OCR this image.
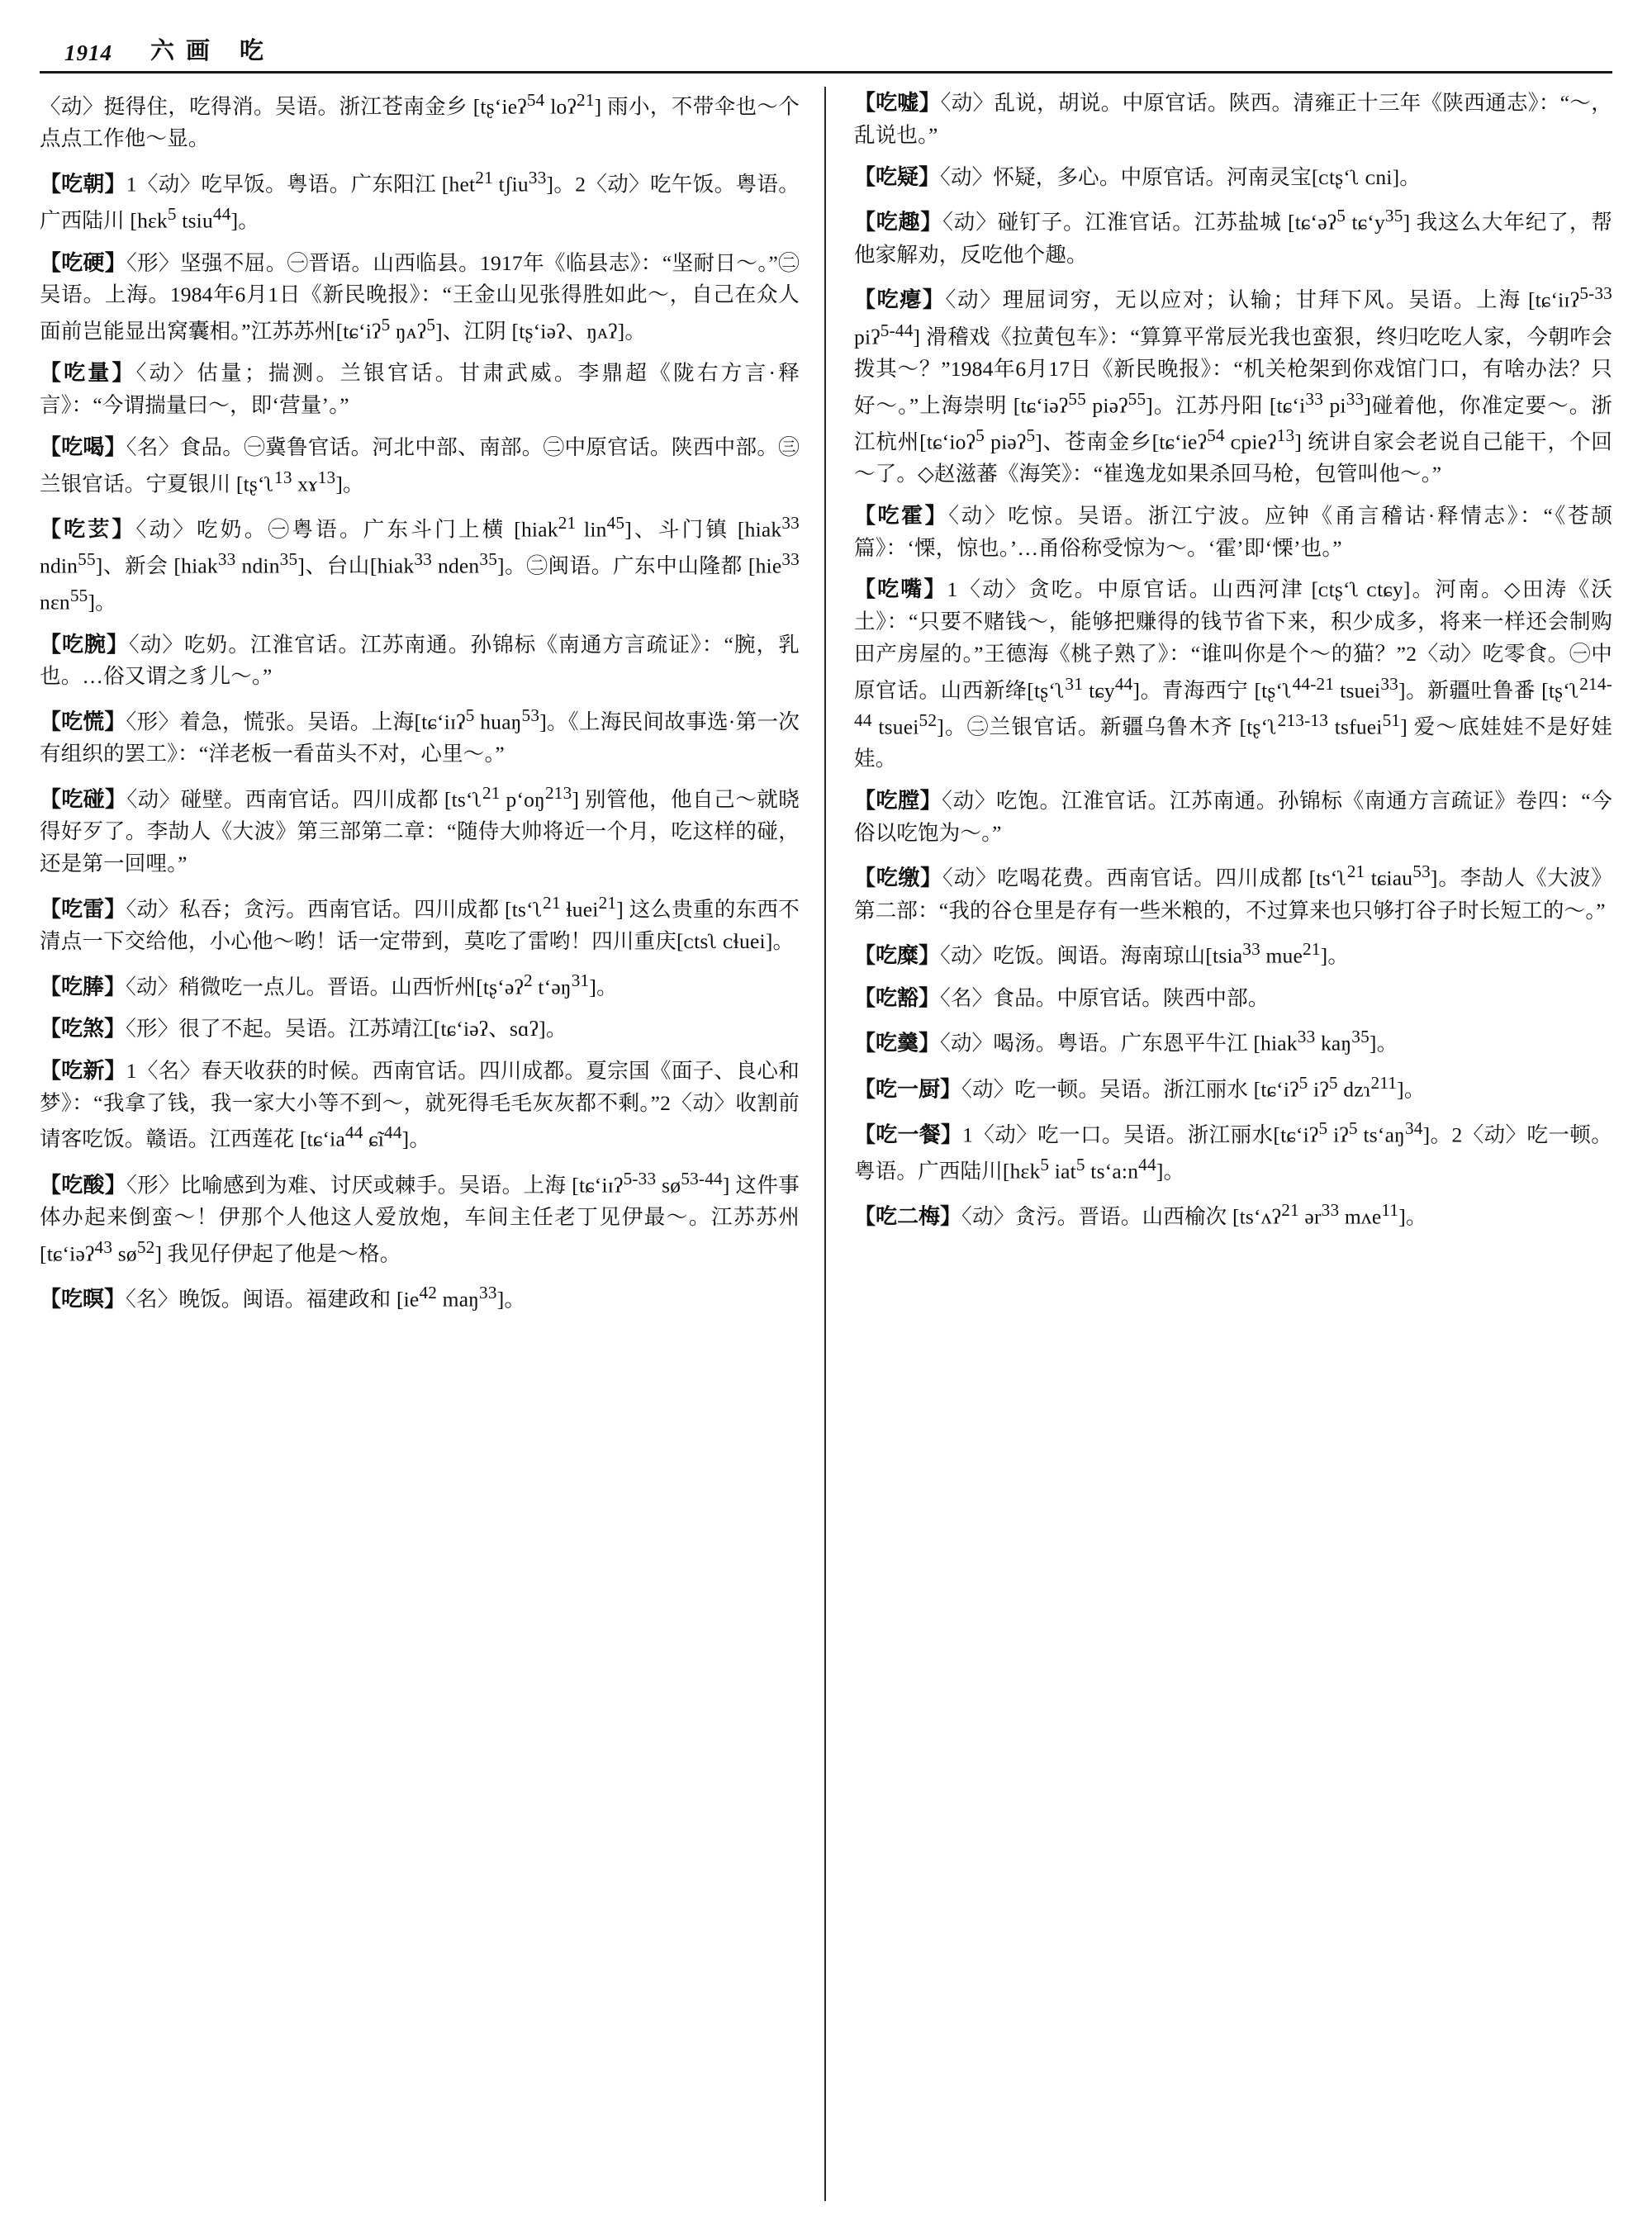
1914 六画 吃

〈动〉挺得住，吃得消。吴语。浙江苍南金乡 [tʂʻieʔ$^{54}$ loʔ$^{21}$] 雨小，不带伞也～个点点工作他～显。

【吃朝】1〈动〉吃早饭。粤语。广东阳江 [het$^{21}$ tʃiu$^{33}$]。2〈动〉吃午饭。粤语。广西陆川 [hɛk$^5$ tsiu$^{44}$]。

【吃硬】〈形〉坚强不屈。㊀晋语。山西临县。1917年《临县志》：“坚耐日～。”㊁吴语。上海。1984年6月1日《新民晚报》：“王金山见张得胜如此～，自己在众人面前岂能显出窝囊相。”江苏苏州[tɕʻiʔ$^5$ ŋᴀʔ$^5$]、江阴 [tʂʻiəʔ、ŋᴀʔ]。

【吃量】〈动〉估量；揣测。兰银官话。甘肃武威。李鼎超《陇右方言·释言》：“今谓揣量曰～，即‘营量’。”

【吃喝】〈名〉食品。㊀冀鲁官话。河北中部、南部。㊁中原官话。陕西中部。㊂兰银官话。宁夏银川 [tʂʻʅ$^{13}$ xɤ$^{13}$]。

【吃𦬜】〈动〉吃奶。㊀粤语。广东斗门上横 [hiak$^{21}$ lin$^{45}$]、斗门镇 [hiak$^{33}$ ndin$^{55}$]、新会 [hiak$^{33}$ ndin$^{35}$]、台山[hiak$^{33}$ nden$^{35}$]。㊁闽语。广东中山隆都 [hie$^{33}$ nɛn$^{55}$]。

【吃腕】〈动〉吃奶。江淮官话。江苏南通。孙锦标《南通方言疏证》：“腕，乳也。…俗又谓之豸儿～。”

【吃慌】〈形〉着急，慌张。吴语。上海[tɕʻiɪʔ$^5$ huaŋ$^{53}$]。《上海民间故事选·第一次有组织的罢工》：“洋老板一看苗头不对，心里～。”

【吃碰】〈动〉碰壁。西南官话。四川成都 [tsʻʅ$^{21}$ pʻoŋ$^{213}$] 别管他，他自己～就晓得好歹了。李劼人《大波》第三部第二章：“随侍大帅将近一个月，吃这样的碰，还是第一回哩。”

【吃雷】〈动〉私吞；贪污。西南官话。四川成都 [tsʻʅ$^{21}$ ɬuei$^{21}$] 这么贵重的东西不清点一下交给他，小心他～哟！话一定带到，莫吃了雷哟！四川重庆[ᴄtsʅ ᴄɬuei]。

【吃䏾】〈动〉稍微吃一点儿。晋语。山西忻州[tʂʻəʔ$^2$ tʻəŋ$^{31}$]。

【吃煞】〈形〉很了不起。吴语。江苏靖江[tɕʻiəʔ、sɑʔ]。

【吃新】1〈名〉春天收获的时候。西南官话。四川成都。夏宗国《面子、良心和梦》：“我拿了钱，我一家大小等不到～，就死得毛毛灰灰都不剩。”2〈动〉收割前请客吃饭。赣语。江西莲花 [tɕʻia$^{44}$ ɕĩ$^{44}$]。

【吃酸】〈形〉比喻感到为难、讨厌或棘手。吴语。上海 [tɕʻiɪʔ$^{5-33}$ $sø^{53-44}$] 这件事体办起来倒蛮～！伊那个人他这人爱放炮，车间主任老丁见伊最～。江苏苏州 [tɕʻiəʔ$^{43}$ $sø^{52}$] 我见仔伊起了他是～格。

【吃暝】〈名〉晚饭。闽语。福建政和 [$ie^{42}$ maŋ$^{33}$]。

【吃嘘】〈动〉乱说，胡说。中原官话。陕西。清雍正十三年《陕西通志》：“～，乱说也。”

【吃疑】〈动〉怀疑，多心。中原官话。河南灵宝[ᴄtʂʻʅ ᴄni]。

【吃趣】〈动〉碰钉子。江淮官话。江苏盐城 [tɕʻəʔ$^5$ tɕʻy$^{35}$] 我这么大年纪了，帮他家解劝，反吃他个趣。

【吃瘪】〈动〉理屈词穷，无以应对；认输；甘拜下风。吴语。上海 [tɕʻiɪʔ$^{5-33}$ piʔ$^{5-44}$] 滑稽戏《拉黄包车》：“算算平常辰光我也蛮狠，终归吃吃人家，今朝咋会拨其～？”1984年6月17日《新民晚报》：“机关枪架到你戏馆门口，有啥办法？只好～。”上海崇明 [tɕʻiəʔ$^{55}$ piəʔ$^{55}$]。江苏丹阳 [tɕʻi$^{33}$ $pi^{33}$]碰着他，你准定要～。浙江杭州[tɕʻioʔ$^5$ piəʔ$^5$]、苍南金乡[tɕʻieʔ$^{54}$ ᴄpieʔ$^{13}$] 统讲自家会老说自己能干，个回～了。◇赵滋蕃《海笑》：“崔逸龙如果杀回马枪，包管叫他～。”

【吃霍】〈动〉吃惊。吴语。浙江宁波。应钟《甬言稽诂·释情志》：“《苍颉篇》：‘慄，惊也。’…甬俗称受惊为～。‘霍’即‘慄’也。”

【吃嘴】1〈动〉贪吃。中原官话。山西河津 [ᴄtʂʻʅ ᴄtɕy]。河南。◇田涛《沃土》：“只要不赌钱～，能够把赚得的钱节省下来，积少成多，将来一样还会制购田产房屋的。”王德海《桃子熟了》：“谁叫你是个～的猫？”2〈动〉吃零食。㊀中原官话。山西新绛[tʂʻʅ$^{31}$ tɕy$^{44}$]。青海西宁 [tʂʻʅ$^{44-21}$ tsuei$^{33}$]。新疆吐鲁番 [tʂʻʅ$^{214-44}$ tsuei$^{52}$]。㊁兰银官话。新疆乌鲁木齐 [tʂʻʅ$^{213-13}$ tsfuei$^{51}$] 爱～底娃娃不是好娃娃。

【吃膛】〈动〉吃饱。江淮官话。江苏南通。孙锦标《南通方言疏证》卷四：“今俗以吃饱为～。”

【吃缴】〈动〉吃喝花费。西南官话。四川成都 [tsʻʅ$^{21}$ tɕiau$^{53}$]。李劼人《大波》第二部：“我的谷仓里是存有一些米粮的，不过算来也只够打谷子时长短工的～。”

【吃糜】〈动〉吃饭。闽语。海南琼山[tsia$^{33}$ mue$^{21}$]。

【吃豁】〈名〉食品。中原官话。陕西中部。

【吃羹】〈动〉喝汤。粤语。广东恩平牛江 [hiak$^{33}$ kaŋ$^{35}$]。

【吃一厨】〈动〉吃一顿。吴语。浙江丽水 [tɕʻiʔ$^5$ iʔ$^5$ dzɿ$^{211}$]。

【吃一餐】1〈动〉吃一口。吴语。浙江丽水[tɕʻiʔ$^5$ iʔ$^5$ tsʻaŋ$^{34}$]。2〈动〉吃一顿。粤语。广西陆川[hɛk$^5$ iat$^5$ $tsʻa:n^{44}$]。

【吃二梅】〈动〉贪污。晋语。山西榆次 [tsʻʌʔ$^{21}$ ər$^{33}$ mʌe$^{11}$]。
